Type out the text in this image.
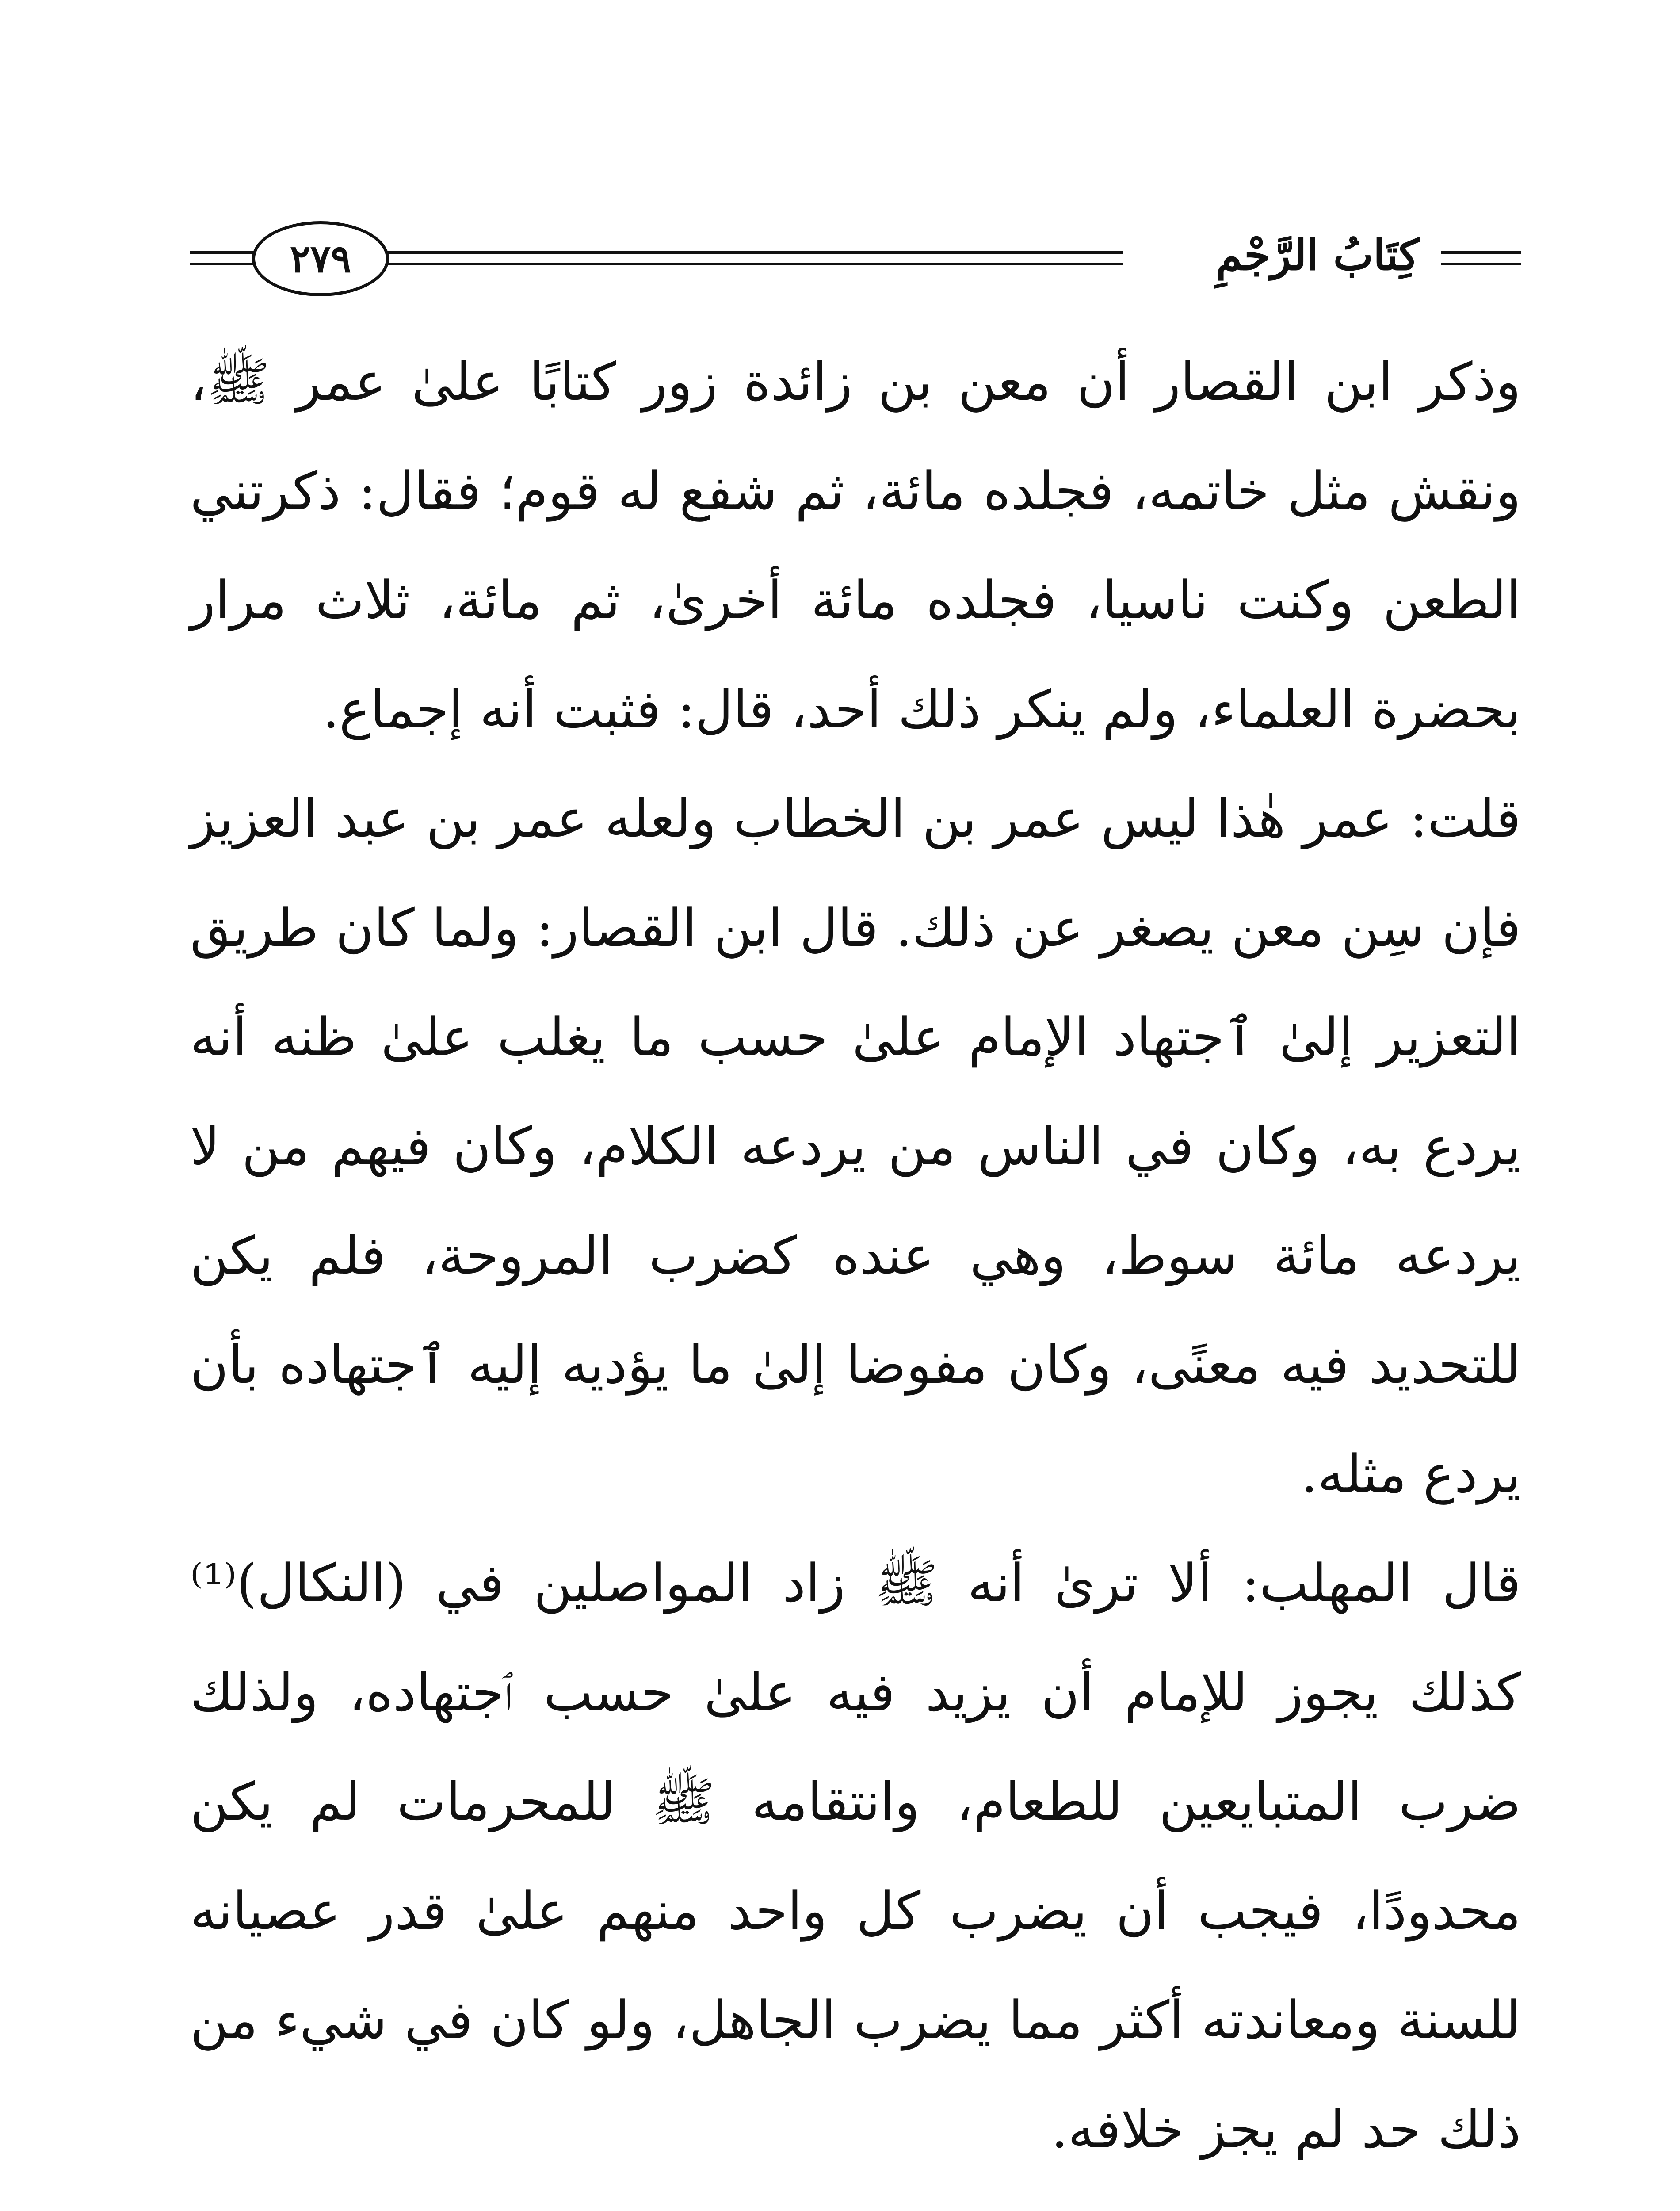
٢٧٩	كِتَابُ الرَّجْمِ

وذكر ابن القصار أن معن بن زائدة زور كتابًا علىٰ عمر ﷺ، ونقش مثل خاتمه، فجلده مائة، ثم شفع له قوم؛ فقال: ذكرتني الطعن وكنت ناسيا، فجلده مائة أخرىٰ، ثم مائة، ثلاث مرار بحضرة العلماء، ولم ينكر ذلك أحد، قال: فثبت أنه إجماع.

قلت: عمر هٰذا ليس عمر بن الخطاب ولعله عمر بن عبد العزيز فإن سِن معن يصغر عن ذلك. قال ابن القصار: ولما كان طريق التعزير إلىٰ ٱجتهاد الإمام علىٰ حسب ما يغلب علىٰ ظنه أنه يردع به، وكان في الناس من يردعه الكلام، وكان فيهم من لا يردعه مائة سوط، وهي عنده كضرب المروحة، فلم يكن للتحديد فيه معنًى، وكان مفوضا إلىٰ ما يؤديه إليه ٱجتهاده بأن يردع مثله.

قال المهلب: ألا ترىٰ أنه ﷺ زاد المواصلين في (النكال)⁽¹⁾ كذلك يجوز للإمام أن يزيد فيه علىٰ حسب ٱجتهاده، ولذلك ضرب المتبايعين للطعام، وانتقامه ﷺ للمحرمات لم يكن محدودًا، فيجب أن يضرب كل واحد منهم علىٰ قدر عصيانه للسنة ومعاندته أكثر مما يضرب الجاهل، ولو كان في شيء من ذلك حد لم يجز خلافه.
